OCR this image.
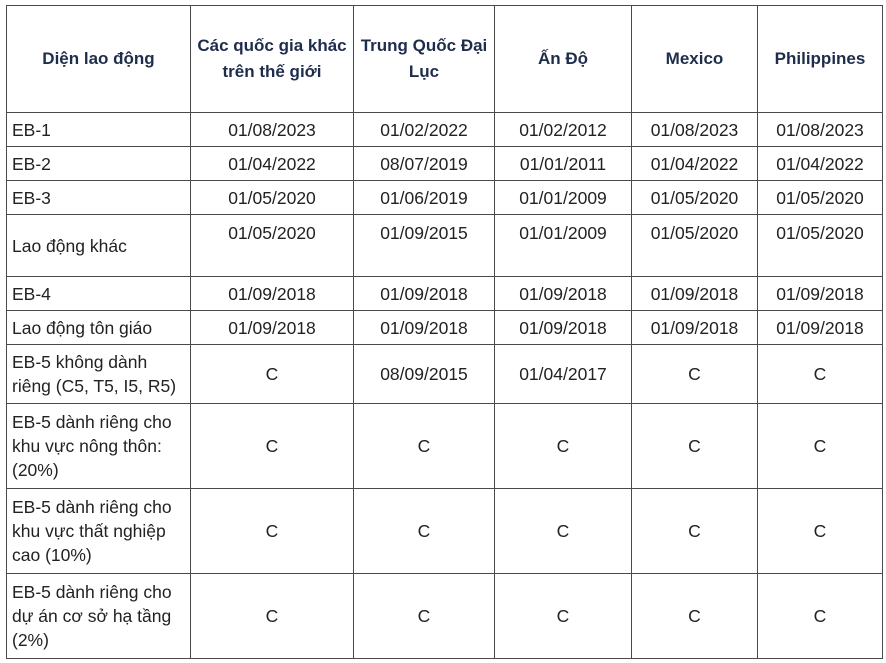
Diện lao động	Các quốc gia khác trên thế giới	Trung Quốc Đại Lục	Ấn Độ	Mexico	Philippines
EB-1	01/08/2023	01/02/2022	01/02/2012	01/08/2023	01/08/2023
EB-2	01/04/2022	08/07/2019	01/01/2011	01/04/2022	01/04/2022
EB-3	01/05/2020	01/06/2019	01/01/2009	01/05/2020	01/05/2020
Lao động khác	01/05/2020	01/09/2015	01/01/2009	01/05/2020	01/05/2020
EB-4	01/09/2018	01/09/2018	01/09/2018	01/09/2018	01/09/2018
Lao động tôn giáo	01/09/2018	01/09/2018	01/09/2018	01/09/2018	01/09/2018
EB-5 không dành riêng (C5, T5, I5, R5)	C	08/09/2015	01/04/2017	C	C
EB-5 dành riêng cho khu vực nông thôn: (20%)	C	C	C	C	C
EB-5 dành riêng cho khu vực thất nghiệp cao (10%)	C	C	C	C	C
EB-5 dành riêng cho dự án cơ sở hạ tầng (2%)	C	C	C	C	C
